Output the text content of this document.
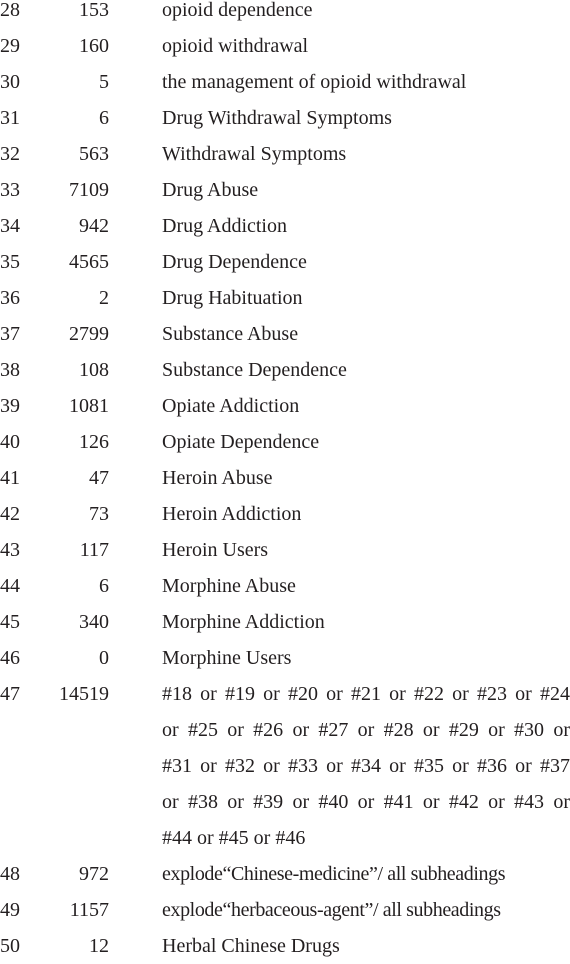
28	153	opioid dependence
29	160	opioid withdrawal
30	5	the management of opioid withdrawal
31	6	Drug Withdrawal Symptoms
32	563	Withdrawal Symptoms
33	7109	Drug Abuse
34	942	Drug Addiction
35	4565	Drug Dependence
36	2	Drug Habituation
37	2799	Substance Abuse
38	108	Substance Dependence
39	1081	Opiate Addiction
40	126	Opiate Dependence
41	47	Heroin Abuse
42	73	Heroin Addiction
43	117	Heroin Users
44	6	Morphine Abuse
45	340	Morphine Addiction
46	0	Morphine Users
47	14519	#18 or #19 or #20 or #21 or #22 or #23 or #24
or #25 or #26 or #27 or #28 or #29 or #30 or
#31 or #32 or #33 or #34 or #35 or #36 or #37
or #38 or #39 or #40 or #41 or #42 or #43 or
#44 or #45 or #46
48	972	explode“Chinese-medicine”/ all subheadings
49	1157	explode“herbaceous-agent”/ all subheadings
50	12	Herbal Chinese Drugs
